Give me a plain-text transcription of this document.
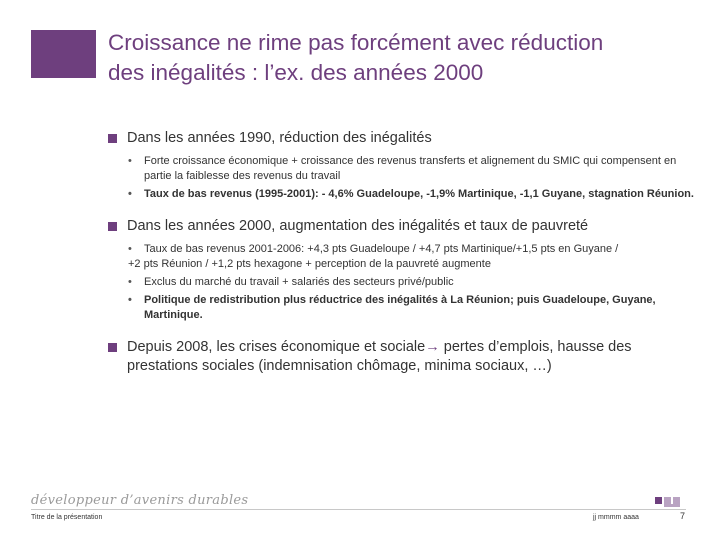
Croissance ne rime pas forcément avec réduction
des inégalités : l’ex. des années 2000
Dans les années 1990, réduction des inégalités
• Forte croissance économique + croissance des revenus transferts et alignement du SMIC qui compensent en partie la faiblesse des revenus du travail
• Taux de bas revenus (1995-2001): - 4,6% Guadeloupe, -1,9% Martinique, -1,1 Guyane, stagnation Réunion.
Dans les années 2000, augmentation des inégalités et taux de pauvreté
• Taux de bas revenus 2001-2006: +4,3 pts Guadeloupe / +4,7 pts Martinique/+1,5 pts en Guyane /
+2 pts Réunion / +1,2 pts hexagone + perception de la pauvreté augmente
• Exclus du marché du travail + salariés des secteurs privé/public
• Politique de redistribution plus réductrice des inégalités à La Réunion; puis Guadeloupe, Guyane, Martinique.
Depuis 2008, les crises économique et sociale→ pertes d’emplois, hausse des prestations sociales (indemnisation chômage, minima sociaux, …)
développeur d’avenirs durables
Titre de la présentation	jj mmmm aaaa	7
